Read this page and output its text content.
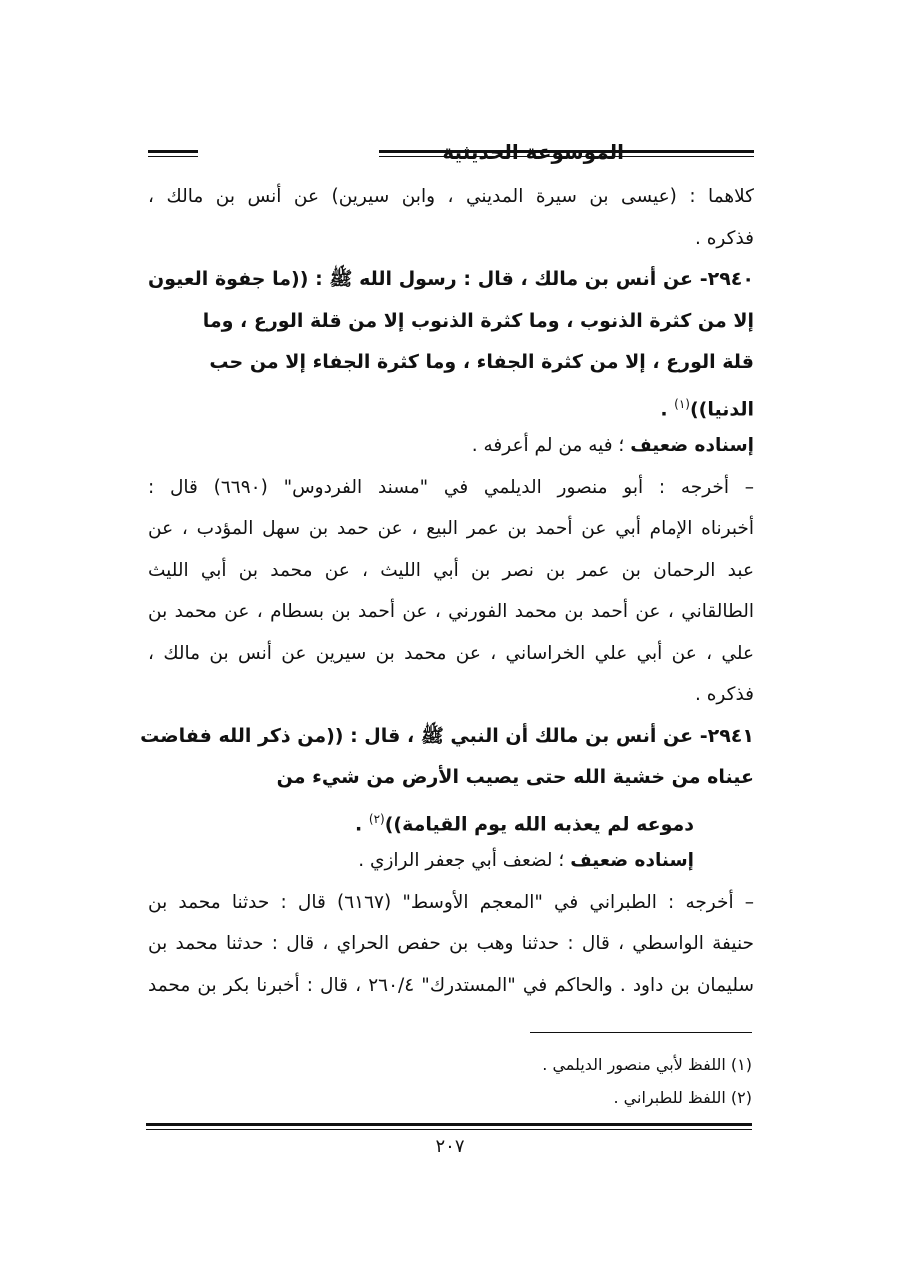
الموسوعة الحديثية
كلاهما : (عيسى بن سيرة المديني ، وابن سيرين) عن أنس بن مالك ،
فذكره .
٢٩٤٠- عن أنس بن مالك ، قال : رسول الله ﷺ : ((ما جفوة العيون
إلا من كثرة الذنوب ، وما كثرة الذنوب إلا من قلة الورع ، وما
قلة الورع ، إلا من كثرة الجفاء ، وما كثرة الجفاء إلا من حب
الدنيا))$^{(١)}$ .
إسناده ضعيف ؛ فيه من لم أعرفه .
– أخرجه : أبو منصور الديلمي في "مسند الفردوس" (٦٦٩٠) قال :
أخبرناه الإمام أبي عن أحمد بن عمر البيع ، عن حمد بن سهل المؤدب ، عن
عبد الرحمان بن عمر بن نصر بن أبي الليث ، عن محمد بن أبي الليث
الطالقاني ، عن أحمد بن محمد الفورني ، عن أحمد بن بسطام ، عن محمد بن
علي ، عن أبي علي الخراساني ، عن محمد بن سيرين عن أنس بن مالك ،
فذكره .
٢٩٤١- عن أنس بن مالك أن النبي ﷺ ، قال : ((من ذكر الله ففاضت
عيناه من خشية الله حتى يصيب الأرض من شيء من
دموعه لم يعذبه الله يوم القيامة))$^{(٢)}$ .
إسناده ضعيف ؛ لضعف أبي جعفر الرازي .
– أخرجه : الطبراني في "المعجم الأوسط" (٦١٦٧) قال : حدثنا محمد بن
حنيفة الواسطي ، قال : حدثنا وهب بن حفص الحراي ، قال : حدثنا محمد بن
سليمان بن داود . والحاكم في "المستدرك" ٢٦٠/٤ ، قال : أخبرنا بكر بن محمد
(١) اللفظ لأبي منصور الديلمي .
(٢) اللفظ للطبراني .
٢٠٧
